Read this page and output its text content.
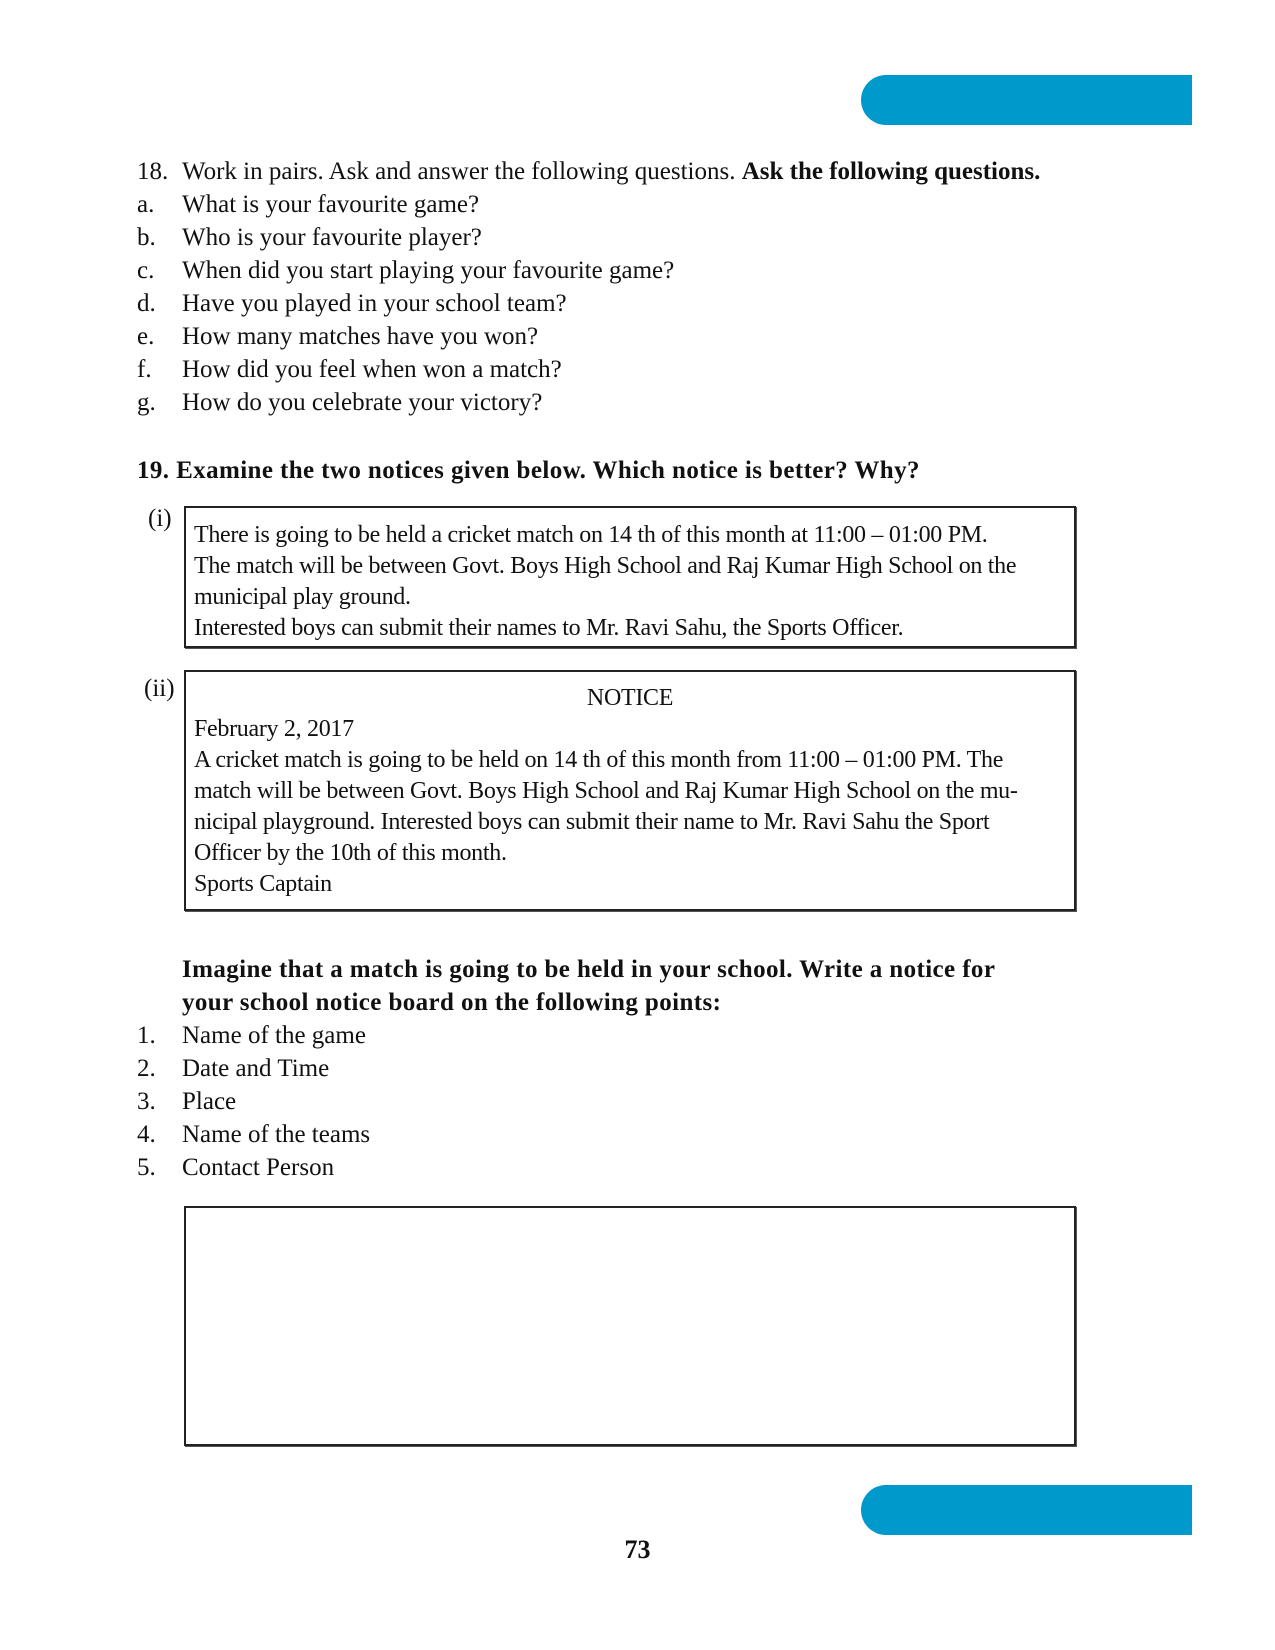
18. Work in pairs. Ask and answer the following questions. Ask the following questions.
a. What is your favourite game?
b. Who is your favourite player?
c. When did you start playing your favourite game?
d. Have you played in your school team?
e. How many matches have you won?
f. How did you feel when won a match?
g. How do you celebrate your victory?
19. Examine the two notices given below. Which notice is better? Why?
(i)
There is going to be held a cricket match on 14 th of this month at 11:00 – 01:00 PM.
The match will be between Govt. Boys High School and Raj Kumar High School on the
municipal play ground.
Interested boys can submit their names to Mr. Ravi Sahu, the Sports Officer.
(ii)	NOTICE
February 2, 2017
A cricket match is going to be held on 14 th of this month from 11:00 – 01:00 PM. The
match will be between Govt. Boys High School and Raj Kumar High School on the mu-
nicipal playground. Interested boys can submit their name to Mr. Ravi Sahu the Sport
Officer by the 10th of this month.
Sports Captain
Imagine that a match is going to be held in your school. Write a notice for
your school notice board on the following points:
1. Name of the game
2. Date and Time
3. Place
4. Name of the teams
5. Contact Person
73
